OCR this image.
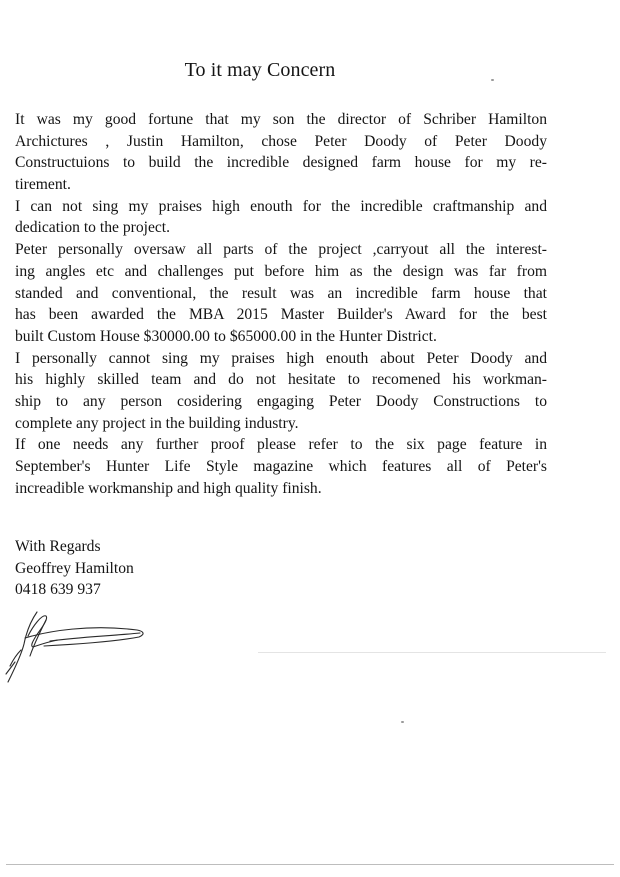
To it may Concern
It was my good fortune that my son the director of Schriber Hamilton
Archictures , Justin Hamilton, chose Peter Doody of Peter Doody
Constructuions to build the incredible designed farm house for my re-
tirement.
I can not sing my praises high enouth for the incredible craftmanship and
dedication to the project.
Peter personally oversaw all parts of the project ,carryout all the interest-
ing angles etc and challenges put before him as the design was far from
standed and conventional, the result was an incredible farm house that
has been awarded the MBA 2015 Master Builder's Award for the best
built Custom House $30000.00 to $65000.00 in the Hunter District.
I personally cannot sing my praises high enouth about Peter Doody and
his highly skilled team and do not hesitate to recomened his workman-
ship to any person cosidering engaging Peter Doody Constructions to
complete any project in the building industry.
If one needs any further proof please refer to the six page feature in
September's Hunter Life Style magazine which features all of Peter's
increadible workmanship and high quality finish.
With Regards
Geoffrey Hamilton
0418 639 937
